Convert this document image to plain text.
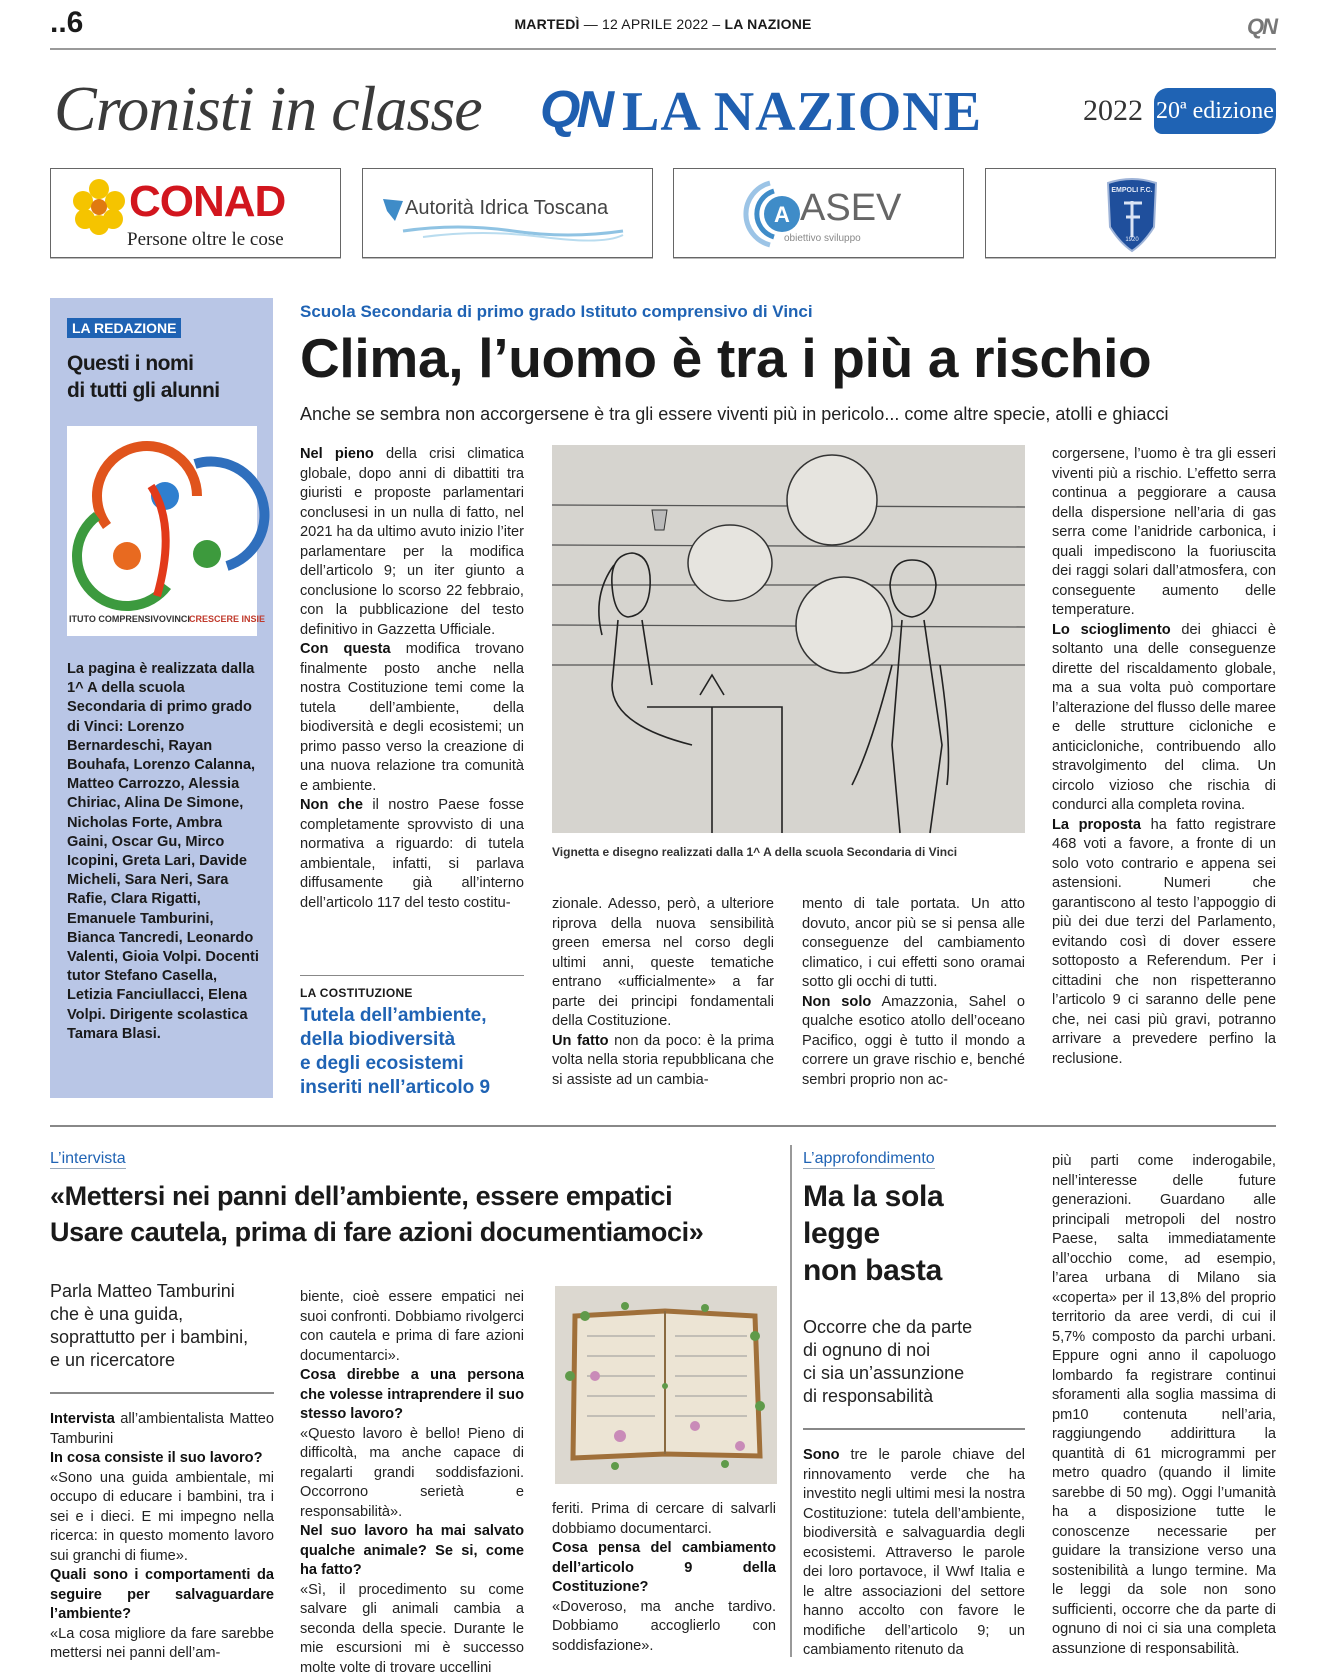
..6	MARTEDÌ — 12 APRILE 2022 – LA NAZIONE	QN
Cronisti in classe QN LA NAZIONE	2022 20ª edizione
CONAD
Persone oltre le cose
Autorità Idrica Toscana	A ASEV
obiettivo sviluppo
EMPOLI F.C.
1920
LA REDAZIONE
Questi i nomi
di tutti gli alunni
ITUTO COMPRENSIVOVINCI CRESCERE INSIE

La pagina è realizzata dalla 1^ A della scuola Secondaria di primo grado di Vinci: Lorenzo Bernardeschi, Rayan Bouhafa, Lorenzo Calanna, Matteo Carrozzo, Alessia Chiriac, Alina De Simone, Nicholas Forte, Ambra Gaini, Oscar Gu, Mirco Icopini, Greta Lari, Davide Micheli, Sara Neri, Sara Rafie, Clara Rigatti, Emanuele Tamburini, Bianca Tancredi, Leonardo Valenti, Gioia Volpi. Docenti tutor Stefano Casella, Letizia Fanciullacci, Elena Volpi. Dirigente scolastica Tamara Blasi.

Scuola Secondaria di primo grado Istituto comprensivo di Vinci
Clima, l’uomo è tra i più a rischio
Anche se sembra non accorgersene è tra gli essere viventi più in pericolo... come altre specie, atolli e ghiacci

Nel pieno della crisi climatica globale, dopo anni di dibattiti tra giuristi e proposte parlamentari conclusesi in un nulla di fatto, nel 2021 ha da ultimo avuto inizio l’iter parlamentare per la modifica dell’articolo 9; un iter giunto a conclusione lo scorso 22 febbraio, con la pubblicazione del testo definitivo in Gazzetta Ufficiale.

Con questa modifica trovano finalmente posto anche nella nostra Costituzione temi come la tutela dell’ambiente, della biodiversità e degli ecosistemi; un primo passo verso la creazione di una nuova relazione tra comunità e ambiente.

Non che il nostro Paese fosse completamente sprovvisto di una normativa a riguardo: di tutela ambientale, infatti, si parlava diffusamente già all’interno dell’articolo 117 del testo costitu-

LA COSTITUZIONE
Tutela dell’ambiente,
della biodiversità
e degli ecosistemi
inseriti nell’articolo 9
Vignetta e disegno realizzati dalla 1^ A della scuola Secondaria di Vinci

zionale. Adesso, però, a ulteriore riprova della nuova sensibilità green emersa nel corso degli ultimi anni, queste tematiche entrano «ufficialmente» a far parte dei principi fondamentali della Costituzione.

Un fatto non da poco: è la prima volta nella storia repubblicana che si assiste ad un cambia-

mento di tale portata. Un atto dovuto, ancor più se si pensa alle conseguenze del cambiamento climatico, i cui effetti sono oramai sotto gli occhi di tutti.

Non solo Amazzonia, Sahel o qualche esotico atollo dell’oceano Pacifico, oggi è tutto il mondo a correre un grave rischio e, benché sembri proprio non ac-

corgersene, l’uomo è tra gli esseri viventi più a rischio. L’effetto serra continua a peggiorare a causa della dispersione nell’aria di gas serra come l’anidride carbonica, i quali impediscono la fuoriuscita dei raggi solari dall’atmosfera, con conseguente aumento delle temperature.

Lo scioglimento dei ghiacci è soltanto una delle conseguenze dirette del riscaldamento globale, ma a sua volta può comportare l’alterazione del flusso delle maree e delle strutture cicloniche e anticicloniche, contribuendo allo stravolgimento del clima. Un circolo vizioso che rischia di condurci alla completa rovina.

La proposta ha fatto registrare 468 voti a favore, a fronte di un solo voto contrario e appena sei astensioni. Numeri che garantiscono al testo l’appoggio di più dei due terzi del Parlamento, evitando così di dover essere sottoposto a Referendum. Per i cittadini che non rispetteranno l’articolo 9 ci saranno delle pene che, nei casi più gravi, potranno arrivare a prevedere perfino la reclusione.

L’intervista
«Mettersi nei panni dell’ambiente, essere empatici
Usare cautela, prima di fare azioni documentiamoci»
Parla Matteo Tamburini
che è una guida,
soprattutto per i bambini,
e un ricercatore

Intervista all’ambientalista Matteo Tamburini

In cosa consiste il suo lavoro?

«Sono una guida ambientale, mi occupo di educare i bambini, tra i sei e i dieci. E mi impegno nella ricerca: in questo momento lavoro sui granchi di fiume».

Quali sono i comportamenti da seguire per salvaguardare l’ambiente?

«La cosa migliore da fare sarebbe mettersi nei panni dell’am-

biente, cioè essere empatici nei suoi confronti. Dobbiamo rivolgerci con cautela e prima di fare azioni documentarci».

Cosa direbbe a una persona che volesse intraprendere il suo stesso lavoro?

«Questo lavoro è bello! Pieno di difficoltà, ma anche capace di regalarti grandi soddisfazioni. Occorrono serietà e responsabilità».

Nel suo lavoro ha mai salvato qualche animale? Se si, come ha fatto?

«Sì, il procedimento su come salvare gli animali cambia a seconda della specie. Durante le mie escursioni mi è successo molte volte di trovare uccellini

feriti. Prima di cercare di salvarli dobbiamo documentarci.

Cosa pensa del cambiamento dell’articolo 9 della Costituzione?

«Doveroso, ma anche tardivo. Dobbiamo accoglierlo con soddisfazione».

L’approfondimento
Ma la sola
legge
non basta
Occorre che da parte
di ognuno di noi
ci sia un’assunzione
di responsabilità

Sono tre le parole chiave del rinnovamento verde che ha investito negli ultimi mesi la nostra Costituzione: tutela dell’ambiente, biodiversità e salvaguardia degli ecosistemi. Attraverso le parole dei loro portavoce, il Wwf Italia e le altre associazioni del settore hanno accolto con favore le modifiche dell’articolo 9; un cambiamento ritenuto da

più parti come inderogabile, nell’interesse delle future generazioni. Guardano alle principali metropoli del nostro Paese, salta immediatamente all’occhio come, ad esempio, l’area urbana di Milano sia «coperta» per il 13,8% del proprio territorio da aree verdi, di cui il 5,7% composto da parchi urbani. Eppure ogni anno il capoluogo lombardo fa registrare continui sforamenti alla soglia massima di pm10 contenuta nell’aria, raggiungendo addirittura la quantità di 61 microgrammi per metro quadro (quando il limite sarebbe di 50 mg). Oggi l’umanità ha a disposizione tutte le conoscenze necessarie per guidare la transizione verso una sostenibilità a lungo termine. Ma le leggi da sole non sono sufficienti, occorre che da parte di ognuno di noi ci sia una completa assunzione di responsabilità.
